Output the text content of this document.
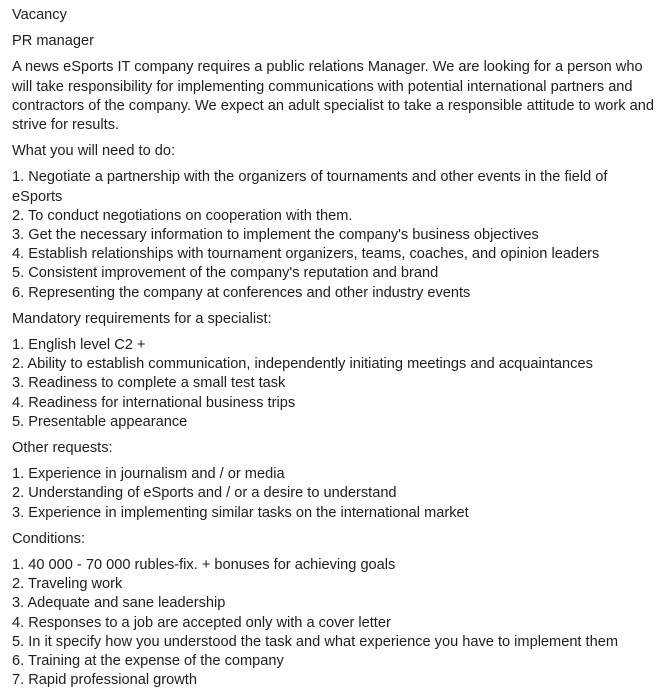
Vacancy
PR manager
A news eSports IT company requires a public relations Manager. We are looking for a person who will take responsibility for implementing communications with potential international partners and contractors of the company. We expect an adult specialist to take a responsible attitude to work and strive for results.
What you will need to do:
1. Negotiate a partnership with the organizers of tournaments and other events in the field of eSports
2. To conduct negotiations on cooperation with them.
3. Get the necessary information to implement the company's business objectives
4. Establish relationships with tournament organizers, teams, coaches, and opinion leaders
5. Consistent improvement of the company's reputation and brand
6. Representing the company at conferences and other industry events
Mandatory requirements for a specialist:
1. English level C2 +
2. Ability to establish communication, independently initiating meetings and acquaintances
3. Readiness to complete a small test task
4. Readiness for international business trips
5. Presentable appearance
Other requests:
1. Experience in journalism and / or media
2. Understanding of eSports and / or a desire to understand
3. Experience in implementing similar tasks on the international market
Conditions:
1. 40 000 - 70 000 rubles-fix. + bonuses for achieving goals
2. Traveling work
3. Adequate and sane leadership
4. Responses to a job are accepted only with a cover letter
5. In it specify how you understood the task and what experience you have to implement them
6. Training at the expense of the company
7. Rapid professional growth
